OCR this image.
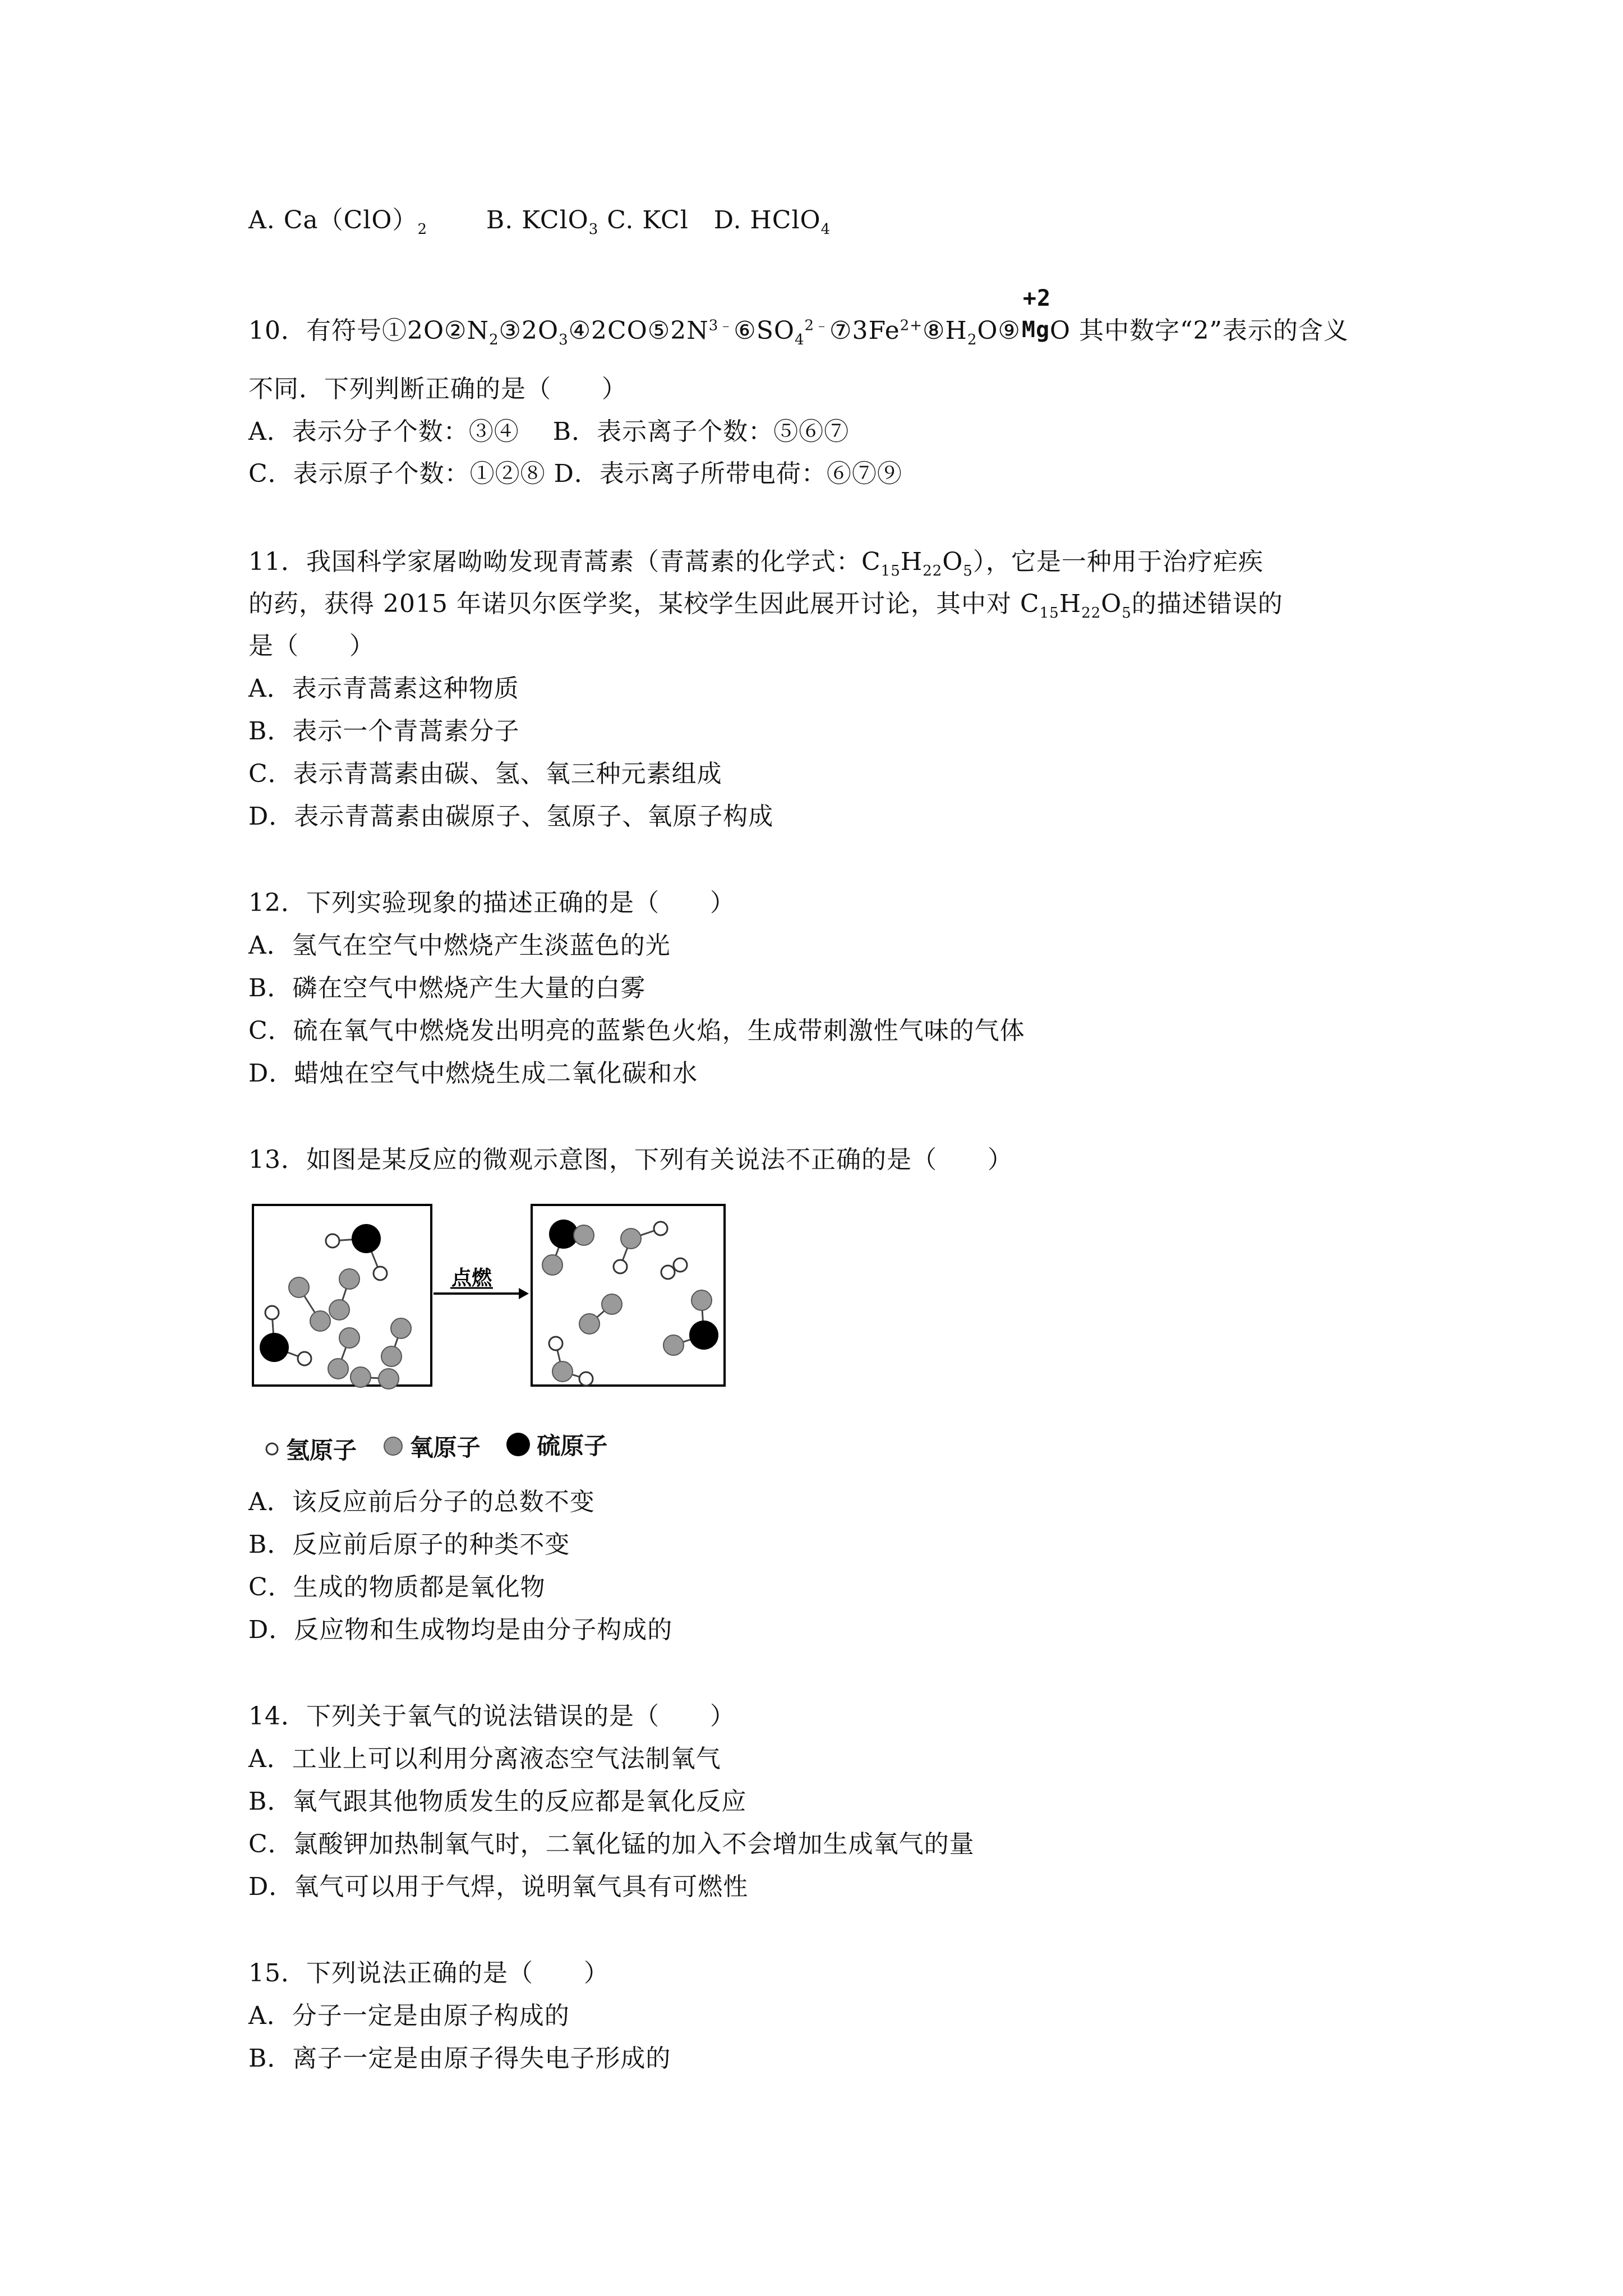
A. $Ca(ClO)_2$ B. KClO$_3$ C. KCl D. HClO$_4$
10．有符号$①2O②N_2③2O_3④2CO⑤2N^{3﹣}⑥SO_4^{2﹣}⑦3Fe^{2+}⑧H_2O⑨$
+2
Mg O 其中数字“2”表示的含义
不同．下列判断正确的是（　　）
A．表示分子个数：③④　 B．表示离子个数：⑤⑥⑦
C．表示原子个数：①②⑧ D．表示离子所带电荷：⑥⑦⑨
11．我国科学家屠呦呦发现青蒿素（青蒿素的化学式：$C_{15}H_{22}O_5$），它是一种用于治疗疟疾
的药，获得 2015 年诺贝尔医学奖，某校学生因此展开讨论，其中对 $C_{15}H_{22}O_5$的描述错误的
是（　　）
A．表示青蒿素这种物质
B．表示一个青蒿素分子
C．表示青蒿素由碳、氢、氧三种元素组成
D．表示青蒿素由碳原子、氢原子、氧原子构成
12．下列实验现象的描述正确的是（　　）
A．氢气在空气中燃烧产生淡蓝色的光
B．磷在空气中燃烧产生大量的白雾
C．硫在氧气中燃烧发出明亮的蓝紫色火焰，生成带刺激性气味的气体
D．蜡烛在空气中燃烧生成二氧化碳和水
13．如图是某反应的微观示意图，下列有关说法不正确的是（　　）
点燃
氢原子
氧原子
硫原子
A．该反应前后分子的总数不变
B．反应前后原子的种类不变
C．生成的物质都是氧化物
D．反应物和生成物均是由分子构成的
14．下列关于氧气的说法错误的是（　　）
A．工业上可以利用分离液态空气法制氧气
B．氧气跟其他物质发生的反应都是氧化反应
C．氯酸钾加热制氧气时，二氧化锰的加入不会增加生成氧气的量
D．氧气可以用于气焊，说明氧气具有可燃性
15．下列说法正确的是（　　）
A．分子一定是由原子构成的
B．离子一定是由原子得失电子形成的
